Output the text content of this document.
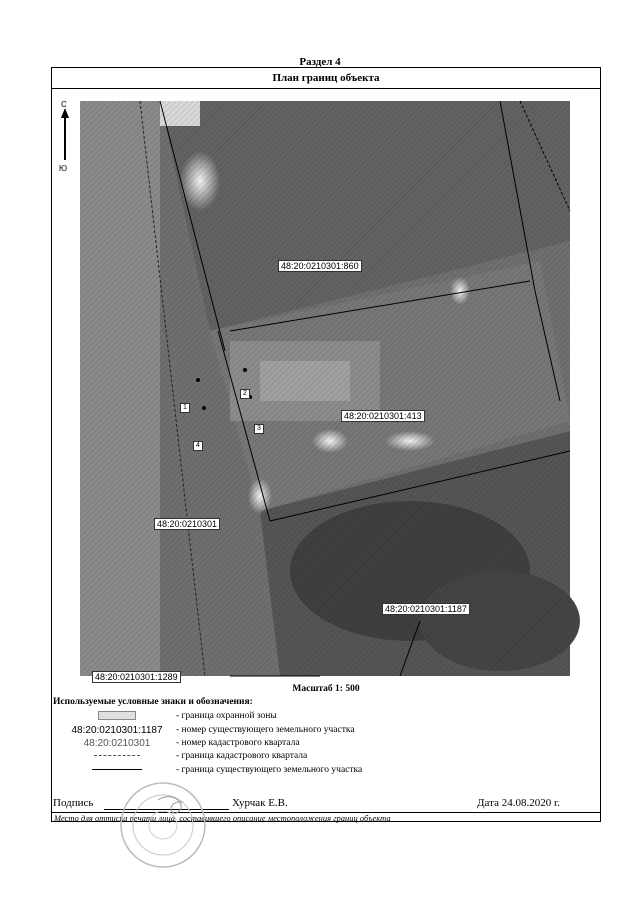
Раздел 4
План границ объекта
48:20:0210301:860
48:20:0210301:413
48:20:0210301
48:20:0210301:1187
48:20:0210301:1289
1
2
3
4
Масштаб 1: 500
Используемые условные знаки и обозначения:
- граница охранной зоны
48:20:0210301:1187	- номер существующего земельного участка
48:20:0210301	- номер кадастрового квартала
- граница кадастрового квартала
- граница существующего земельного участка
Подпись	Хурчак Е.В.	Дата 24.08.2020 г.
Место для оттиска печати лица, составившего описание местоположения границ объекта
С
Ю
